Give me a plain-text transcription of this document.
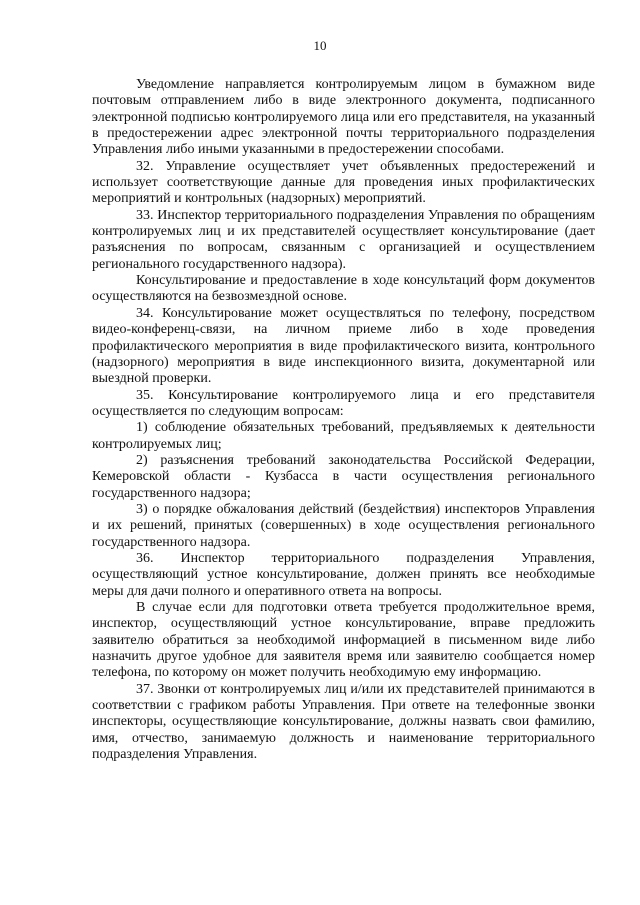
10

Уведомление направляется контролируемым лицом в бумажном виде почтовым отправлением либо в виде электронного документа, подписанного электронной подписью контролируемого лица или его представителя, на указанный в предостережении адрес электронной почты территориального подразделения Управления либо иными указанными в предостережении способами.

32. Управление осуществляет учет объявленных предостережений и использует соответствующие данные для проведения иных профилактических мероприятий и контрольных (надзорных) мероприятий.

33. Инспектор территориального подразделения Управления по обращениям контролируемых лиц и их представителей осуществляет консультирование (дает разъяснения по вопросам, связанным с организацией и осуществлением регионального государственного надзора).

Консультирование и предоставление в ходе консультаций форм документов осуществляются на безвозмездной основе.

34. Консультирование может осуществляться по телефону, посредством видео-конференц-связи, на личном приеме либо в ходе проведения профилактического мероприятия в виде профилактического визита, контрольного (надзорного) мероприятия в виде инспекционного визита, документарной или выездной проверки.

35. Консультирование контролируемого лица и его представителя осуществляется по следующим вопросам:

1) соблюдение обязательных требований, предъявляемых к деятельности контролируемых лиц;

2) разъяснения требований законодательства Российской Федерации, Кемеровской области - Кузбасса в части осуществления регионального государственного надзора;

3) о порядке обжалования действий (бездействия) инспекторов Управления и их решений, принятых (совершенных) в ходе осуществления регионального государственного надзора.

36. Инспектор территориального подразделения Управления, осуществляющий устное консультирование, должен принять все необходимые меры для дачи полного и оперативного ответа на вопросы.

В случае если для подготовки ответа требуется продолжительное время, инспектор, осуществляющий устное консультирование, вправе предложить заявителю обратиться за необходимой информацией в письменном виде либо назначить другое удобное для заявителя время или заявителю сообщается номер телефона, по которому он может получить необходимую ему информацию.

37. Звонки от контролируемых лиц и/или их представителей принимаются в соответствии с графиком работы Управления. При ответе на телефонные звонки инспекторы, осуществляющие консультирование, должны назвать свои фамилию, имя, отчество, занимаемую должность и наименование территориального подразделения Управления.
